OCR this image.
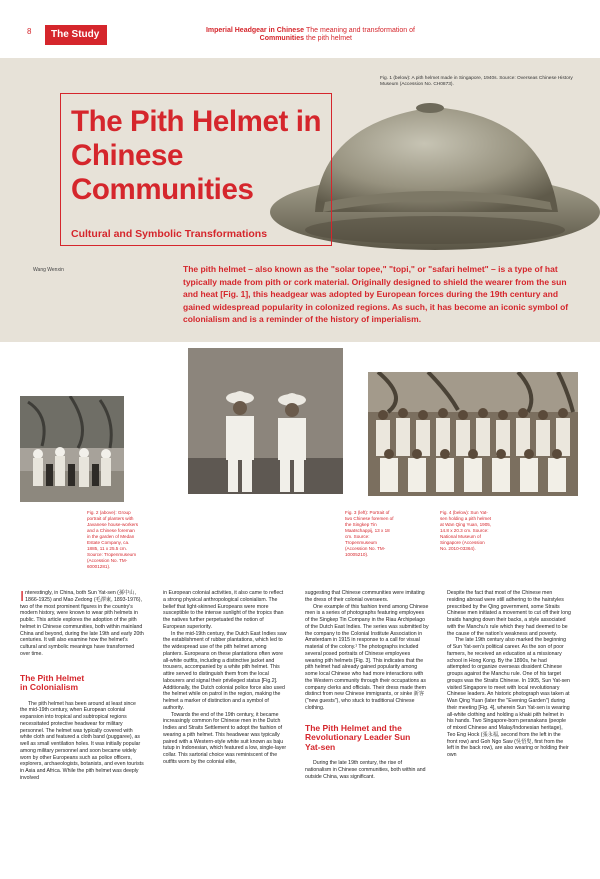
8	The Study	Imperial Headgear in Chinese Communities
The meaning and transformation of the pith helmet
Fig. 1 (below): A pith helmet made in Singapore, 1940s. Source: Overseas Chinese History Museum (Accession No. CH0873).
The Pith Helmet in Chinese Communities
Cultural and Symbolic Transformations
Wang Wenxin	The pith helmet – also known as the "solar topee," "topi," or "safari helmet" – is a type of hat typically made from pith or cork material. Originally designed to shield the wearer from the sun and heat [Fig. 1], this headgear was adopted by European forces during the 19th century and gained widespread popularity in colonized regions. As such, it has become an iconic symbol of colonialism and is a reminder of the history of imperialism.

Fig. 2 (above): Group portrait of planters with Javanese house-workers and a Chinese foreman in the garden of Medan Estate Company, ca. 1885, 11 x 25.5 cm. Source: Tropenmuseum (Accession No. TM-60001281).
Fig. 3 (left): Portrait of two Chinese foremen of the Singkep Tin Maatschappij, 13 x 18 cm. Source: Tropenmuseum (Accession No. TM-10005210).
Fig. 4 (below): Sun Yat-sen holding a pith helmet at Wan Qing Yuan, 1905, 14.8 x 20.3 cm. Source: National Museum of Singapore (Accession No. 2010-03364).

Interestingly, in China, both Sun Yat-sen (孫中山, 1866-1925) and Mao Zedong (毛澤東, 1893-1976), two of the most prominent figures in the country's modern history, were known to wear pith helmets in public. This article explores the adoption of the pith helmet in Chinese communities, both within mainland China and beyond, during the late 19th and early 20th centuries. It will also examine how the helmet's cultural and symbolic meanings have transformed over time.

The Pith Helmet in Colonialism

The pith helmet has been around at least since the mid-19th century, when European colonial expansion into tropical and subtropical regions necessitated protective headwear for military personnel. The helmet was typically covered with white cloth and featured a cloth band (puggaree), as well as small ventilation holes. It was initially popular among military personnel and soon became widely worn by other Europeans such as police officers, explorers, archaeologists, botanists, and even tourists in Asia and Africa. While the pith helmet was deeply involved

in European colonial activities, it also came to reflect a strong physical anthropological colonialism. The belief that light-skinned Europeans were more susceptible to the intense sunlight of the tropics than the natives further perpetuated the notion of European superiority.

In the mid-19th century, the Dutch East Indies saw the establishment of rubber plantations, which led to the widespread use of the pith helmet among planters. Europeans on these plantations often wore all-white outfits, including a distinctive jacket and trousers, accompanied by a white pith helmet. This attire served to distinguish them from the local labourers and signal their privileged status [Fig.2]. Additionally, the Dutch colonial police force also used the helmet while on patrol in the region, making the helmet a marker of distinction and a symbol of authority.

Towards the end of the 19th century, it became increasingly common for Chinese men in the Dutch Indies and Straits Settlement to adopt the fashion of wearing a pith helmet. This headwear was typically paired with a Western-style white suit known as baju tutup in Indonesian, which featured a low, single-layer collar. This sartorial choice was reminiscent of the outfits worn by the colonial elite,

suggesting that Chinese communities were imitating the dress of their colonial overseers.

One example of this fashion trend among Chinese men is a series of photographs featuring employees of the Singkep Tin Company in the Riau Archipelago of the Dutch East Indies. The series was submitted by the company to the Colonial Institute Association in Amsterdam in 1915 in response to a call for visual material of the colony.¹ The photographs included several posed portraits of Chinese employees wearing pith helmets [Fig. 3]. This indicates that the pith helmet had already gained popularity among some local Chinese who had more interactions with the Western community through their occupations as company clerks and officials. Their dress made them distinct from new Chinese immigrants, or sinke 新客 ("new guests"), who stuck to traditional Chinese clothing.

The Pith Helmet and the Revolutionary Leader Sun Yat-sen

During the late 19th century, the rise of nationalism in Chinese communities, both within and outside China, was significant.

Despite the fact that most of the Chinese men residing abroad were still adhering to the hairstyles prescribed by the Qing government, some Straits Chinese men initiated a movement to cut off their long braids hanging down their backs, a style associated with the Manchu's rule which they had deemed to be the cause of the nation's weakness and poverty.

The late 19th century also marked the beginning of Sun Yat-sen's political career. As the son of poor farmers, he received an education at a missionary school in Hong Kong. By the 1890s, he had attempted to organize overseas dissident Chinese groups against the Manchu rule. One of his target groups was the Straits Chinese. In 1905, Sun Yat-sen visited Singapore to meet with local revolutionary Chinese leaders. An historic photograph was taken at Wan Qing Yuan (later the "Evening Garden") during their meeting [Fig. 4], wherein Sun Yat-sen is wearing all-white clothing and holding a khaki pith helmet in his hands. Two Singapore-born peranakans (people of mixed Chinese and Malay/Indonesian heritage), Teo Eng Hock (張永福, second from the left in the front row) and Goh Ngo Saw (吳悟叟, first from the left in the back row), are also wearing or holding their own
